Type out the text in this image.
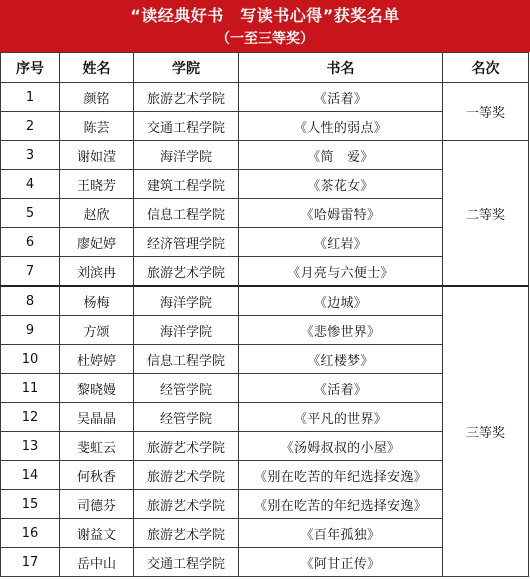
“读经典好书　写读书心得”获奖名单
（一至三等奖）
序号	姓名	学院	书名	名次
1	颜铭	旅游艺术学院	《活着》	一等奖
2	陈芸	交通工程学院	《人性的弱点》	
3	谢如滢	海洋学院	《简　爱》	二等奖
4	王晓芳	建筑工程学院	《茶花女》	
5	赵欣	信息工程学院	《哈姆雷特》	
6	廖妃婷	经济管理学院	《红岩》	
7	刘滨冉	旅游艺术学院	《月亮与六便士》	
8	杨梅	海洋学院	《边城》	三等奖
9	方颂	海洋学院	《悲惨世界》	
10	杜婷婷	信息工程学院	《红楼梦》	
11	黎晓嫚	经管学院	《活着》	
12	吴晶晶	经管学院	《平凡的世界》	
13	斐虹云	旅游艺术学院	《汤姆叔叔的小屋》	
14	何秋香	旅游艺术学院	《别在吃苦的年纪选择安逸》	
15	司德芬	旅游艺术学院	《别在吃苦的年纪选择安逸》	
16	谢益文	旅游艺术学院	《百年孤独》	
17	岳中山	交通工程学院	《阿甘正传》	
